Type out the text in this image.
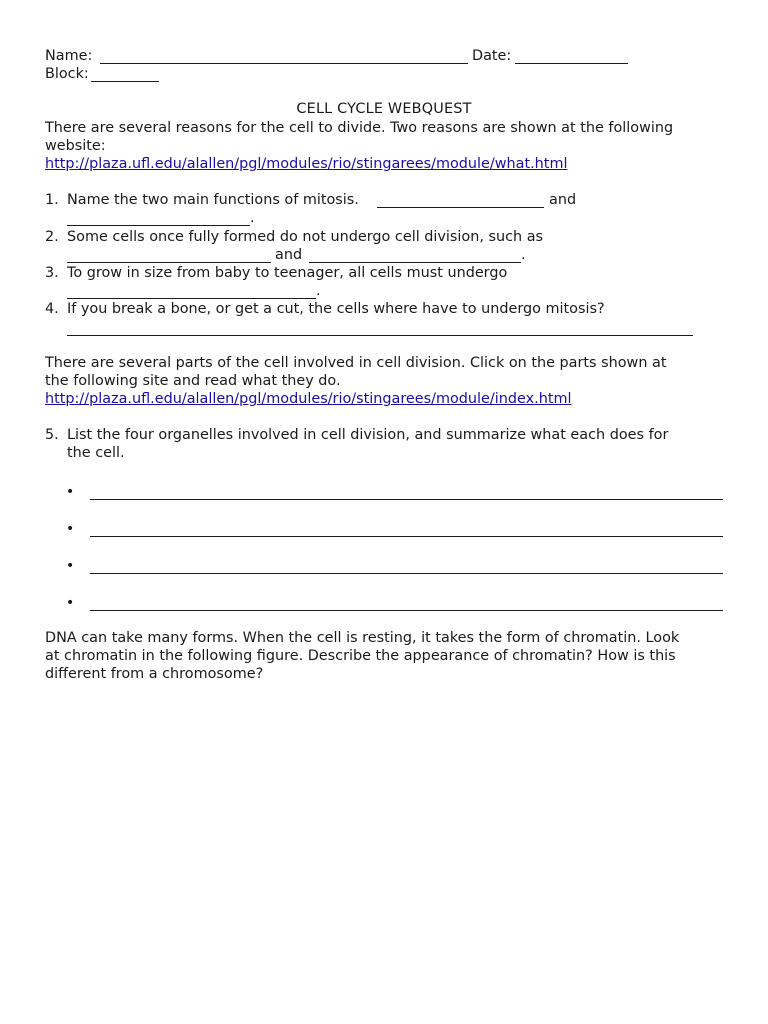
Name:	Date:
Block:
CELL CYCLE WEBQUEST
There are several reasons for the cell to divide. Two reasons are shown at the following
website:
http://plaza.ufl.edu/alallen/pgl/modules/rio/stingarees/module/what.html
1. Name the two main functions of mitosis.	and
.
2. Some cells once fully formed do not undergo cell division, such as
and	.
3. To grow in size from baby to teenager, all cells must undergo
.
4. If you break a bone, or get a cut, the cells where have to undergo mitosis?
There are several parts of the cell involved in cell division. Click on the parts shown at
the following site and read what they do.
http://plaza.ufl.edu/alallen/pgl/modules/rio/stingarees/module/index.html
5. List the four organelles involved in cell division, and summarize what each does for
the cell.
•
•
•
•
DNA can take many forms. When the cell is resting, it takes the form of chromatin. Look
at chromatin in the following figure. Describe the appearance of chromatin? How is this
different from a chromosome?
